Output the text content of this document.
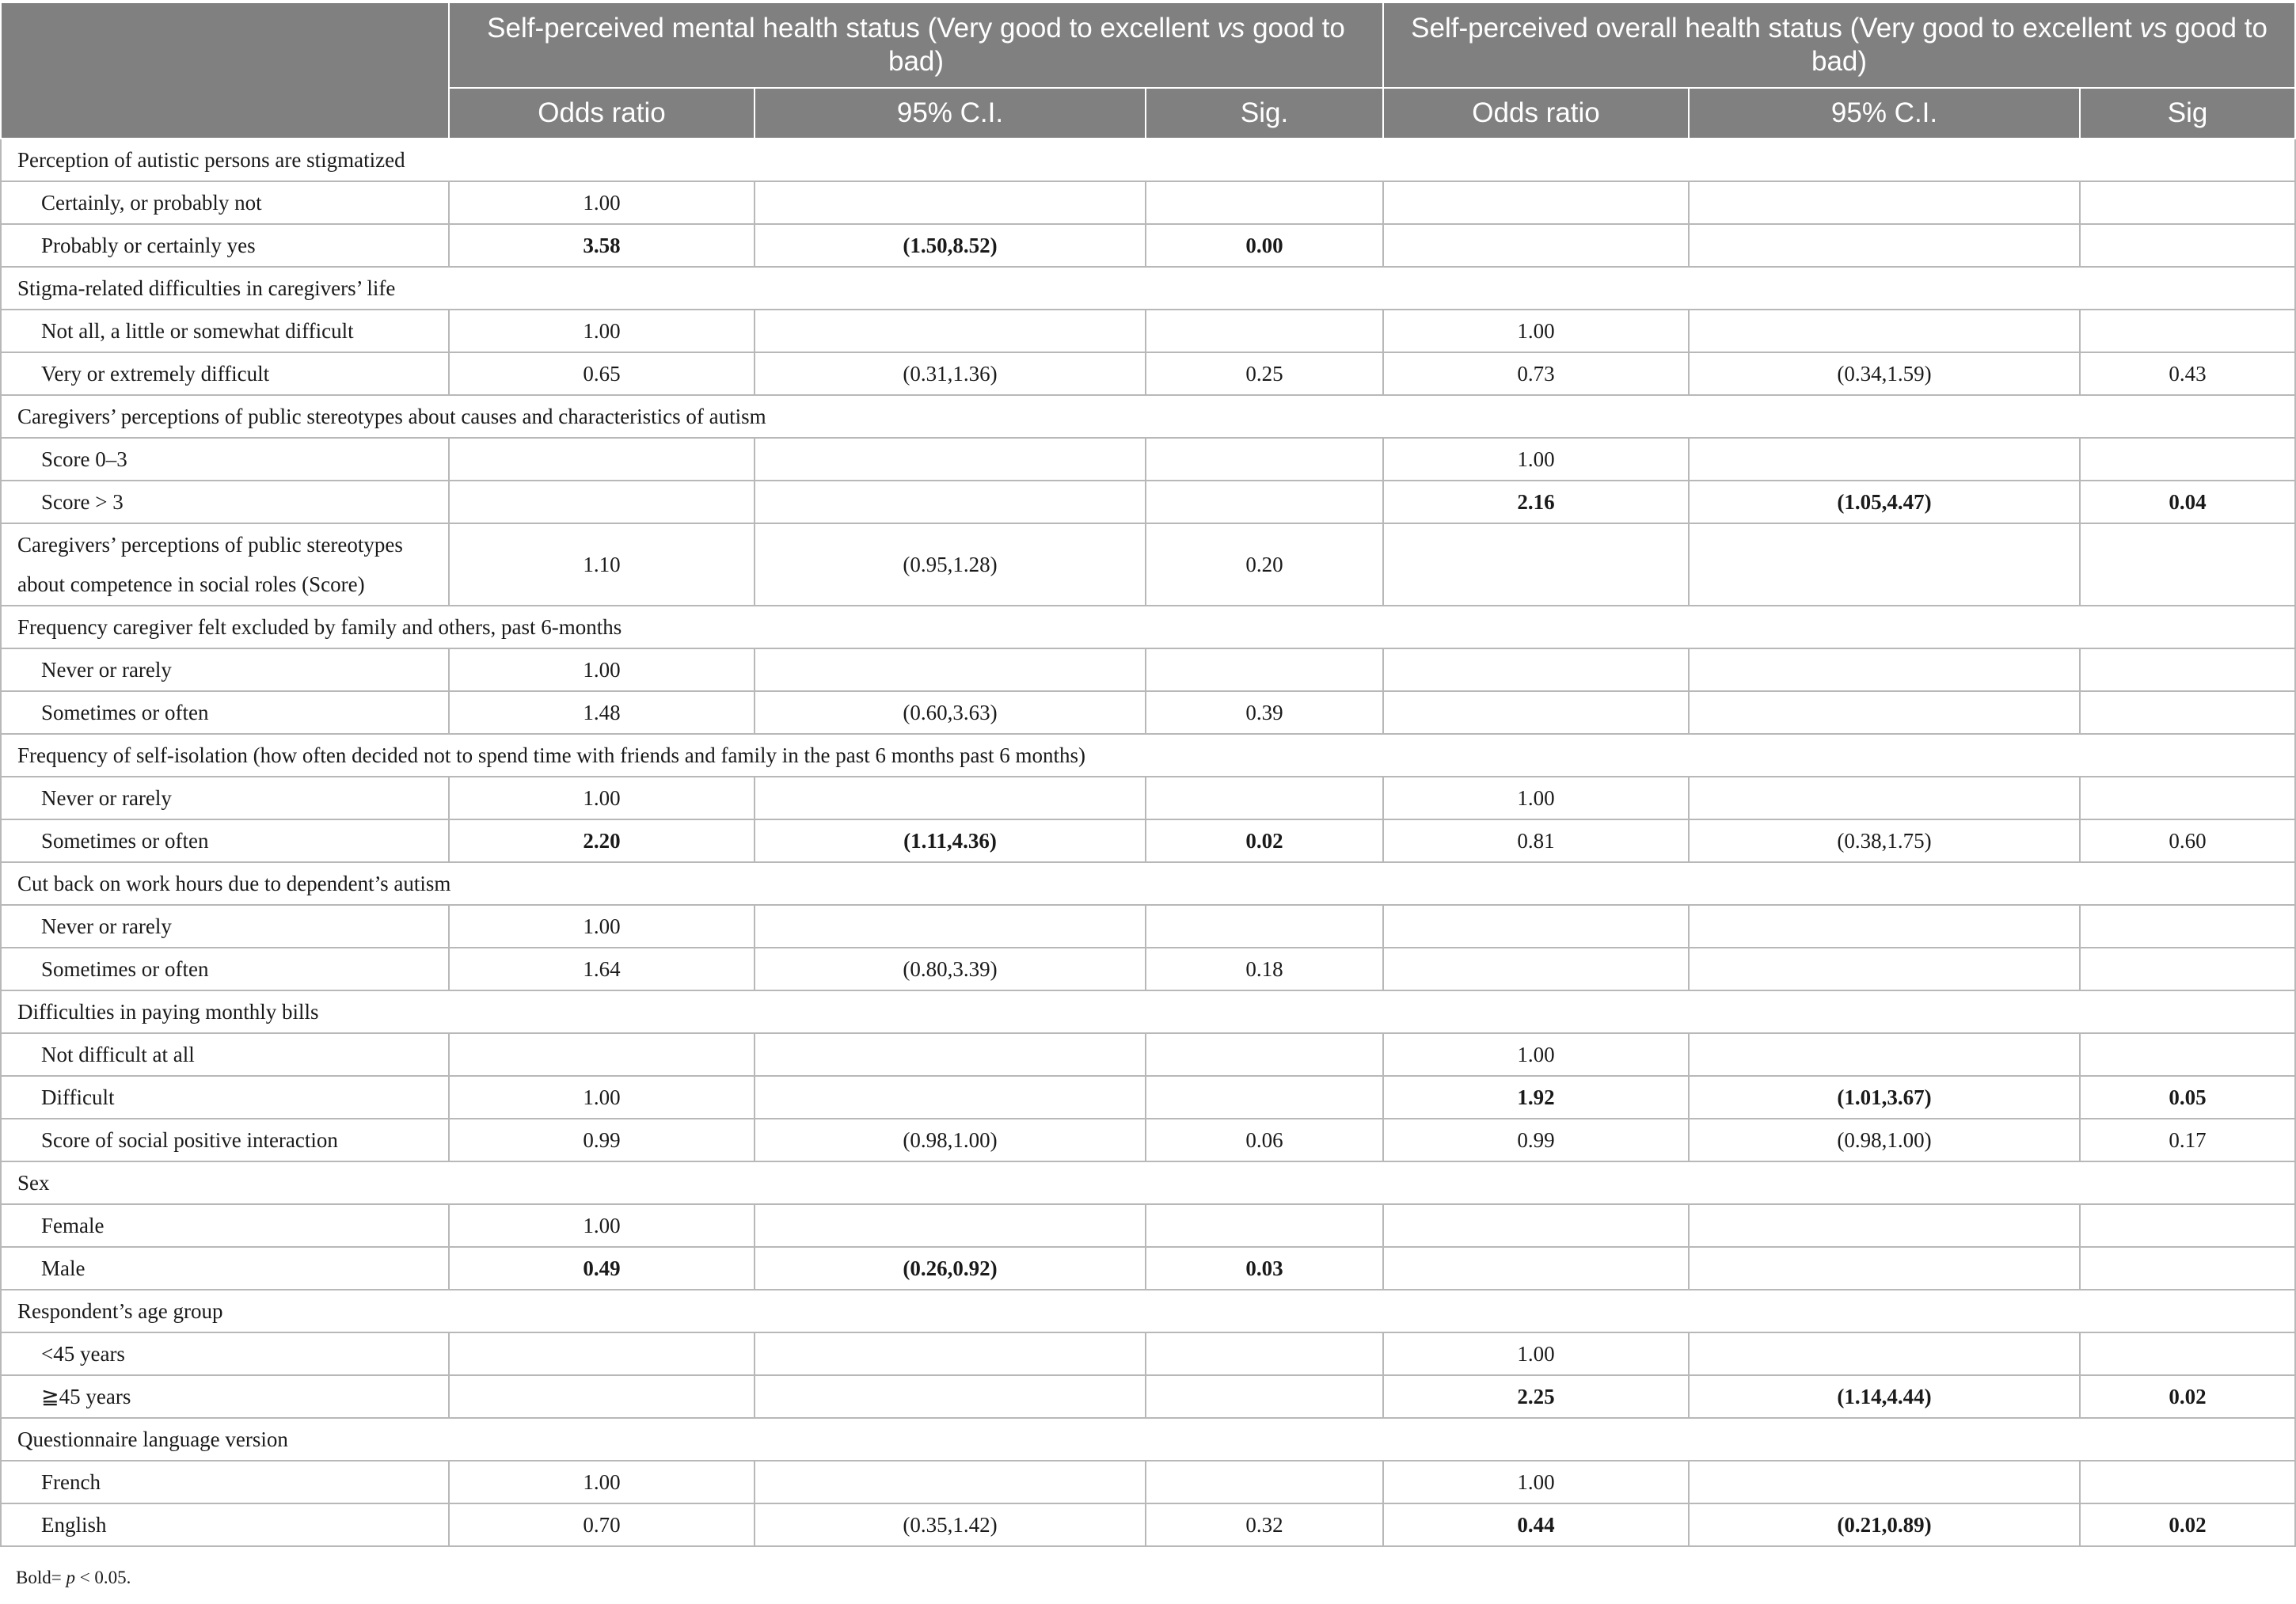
	Self-perceived mental health status (Very good to excellent vs good to bad)			Self-perceived overall health status (Very good to excellent vs good to bad)		
	Odds ratio	95% C.I.	Sig.	Odds ratio	95% C.I.	Sig
Perception of autistic persons are stigmatized						
Certainly, or probably not	1.00					
Probably or certainly yes	3.58	(1.50,8.52)	0.00			
Stigma-related difficulties in caregivers’ life						
Not all, a little or somewhat difficult	1.00			1.00		
Very or extremely difficult	0.65	(0.31,1.36)	0.25	0.73	(0.34,1.59)	0.43
Caregivers’ perceptions of public stereotypes about causes and characteristics of autism						
Score 0–3				1.00		
Score > 3				2.16	(1.05,4.47)	0.04
Caregivers’ perceptions of public stereotypes about competence in social roles (Score)	1.10	(0.95,1.28)	0.20			
Frequency caregiver felt excluded by family and others, past 6-months						
Never or rarely	1.00					
Sometimes or often	1.48	(0.60,3.63)	0.39			
Frequency of self-isolation (how often decided not to spend time with friends and family in the past 6 months past 6 months)						
Never or rarely	1.00			1.00		
Sometimes or often	2.20	(1.11,4.36)	0.02	0.81	(0.38,1.75)	0.60
Cut back on work hours due to dependent’s autism						
Never or rarely	1.00					
Sometimes or often	1.64	(0.80,3.39)	0.18			
Difficulties in paying monthly bills						
Not difficult at all				1.00		
Difficult	1.00			1.92	(1.01,3.67)	0.05
Score of social positive interaction	0.99	(0.98,1.00)	0.06	0.99	(0.98,1.00)	0.17
Sex						
Female	1.00					
Male	0.49	(0.26,0.92)	0.03			
Respondent’s age group						
<45 years				1.00		
≧45 years				2.25	(1.14,4.44)	0.02
Questionnaire language version						
French	1.00			1.00		
English	0.70	(0.35,1.42)	0.32	0.44	(0.21,0.89)	0.02
Bold= p < 0.05.
